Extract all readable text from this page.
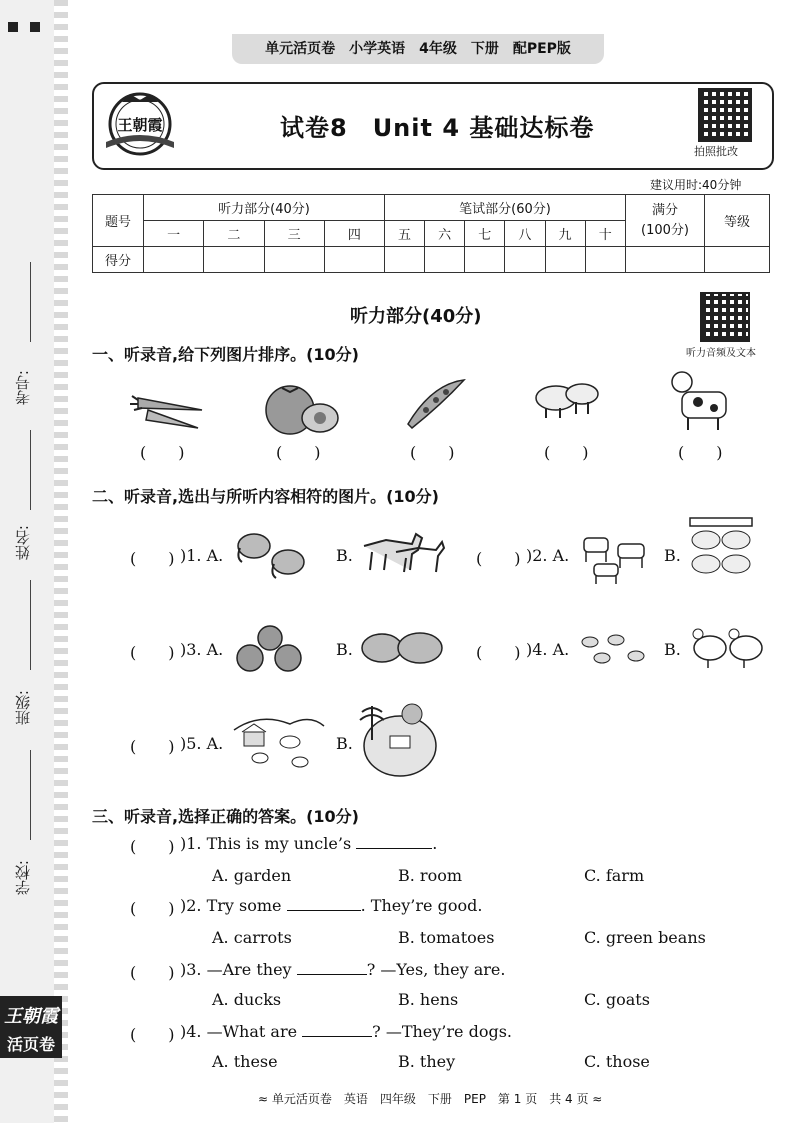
考号:
姓名:
班级:
学校:
王朝霞
活页卷
单元活页卷　小学英语　4年级　下册　配PEP版
王朝霞	试卷8　Unit 4 基础达标卷
拍照批改
建议用时:40分钟
题号	听力部分(40分)				笔试部分(60分)						满分
(100分)	等级
	一	二	三	四	五	六	七	八	九	十		
得分												
听力部分(40分)
听力音频及文本
一、听录音,给下列图片排序。(10分)
(　　)	(　　)	(　　)	(　　)	(　　)
二、听录音,选出与所听内容相符的图片。(10分)
(　　) )1. A.	B.	(　　) )2. A.	B.
(　　) )3. A.	B.	(　　) )4. A.	B.
(　　) )5. A.	B.
三、听录音,选择正确的答案。(10分)
(　　) )1. This is my uncle’s	.
A. garden	B. room	C. farm
(　　) )2. Try some	. They’re good.
A. carrots	B. tomatoes	C. green beans
(　　) )3. —Are they	? —Yes, they are.
A. ducks	B. hens	C. goats
(　　) )4. —What are	? —They’re dogs.
A. these	B. they	C. those
≈ 单元活页卷　英语　四年级　下册　PEP　第 1 页　共 4 页 ≈
